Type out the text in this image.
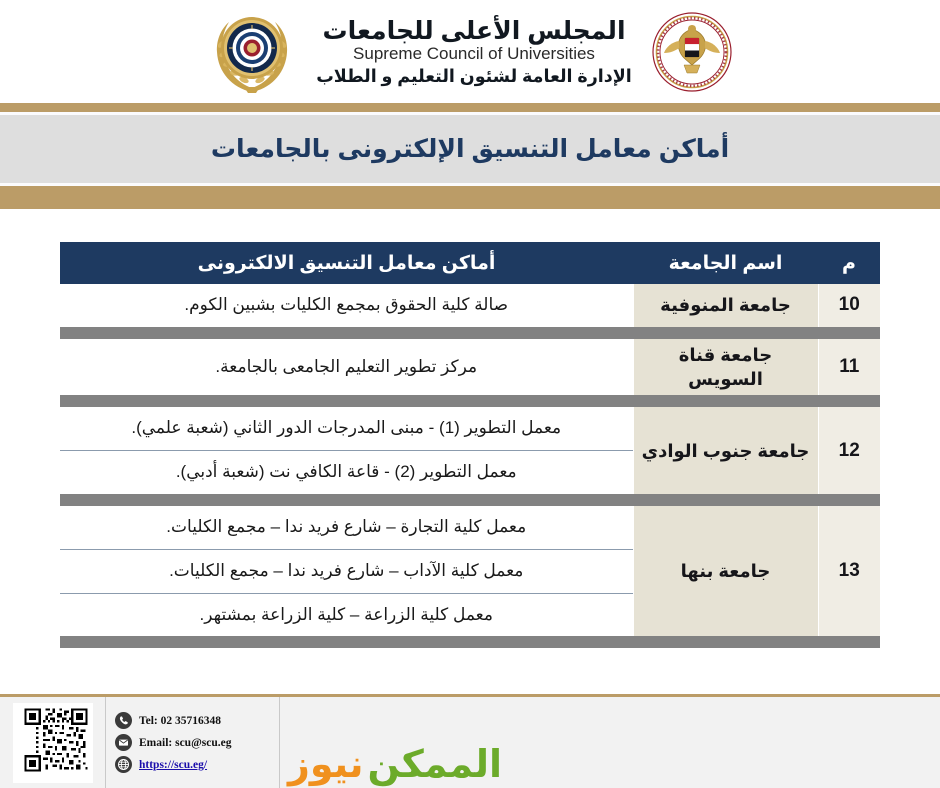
المجلس الأعلى للجامعات
Supreme Council of Universities
الإدارة العامة لشئون التعليم و الطلاب
أماكن معامل التنسيق الإلكترونى بالجامعات
م	اسم الجامعة	أماكن معامل التنسيق الالكترونى
10	جامعة المنوفية	صالة كلية الحقوق بمجمع الكليات بشبين الكوم.

11	جامعة قناة السويس	مركز تطوير التعليم الجامعى بالجامعة.

12	جامعة جنوب الوادي	معمل التطوير (1) - مبنى المدرجات الدور الثاني (شعبة علمي).
معمل التطوير (2) - قاعة الكافي نت (شعبة أدبي).

13	جامعة بنها	معمل كلية التجارة – شارع فريد ندا – مجمع الكليات.
معمل كلية الآداب – شارع فريد ندا – مجمع الكليات.
معمل كلية الزراعة – كلية الزراعة بمشتهر.

الممكن
نيوز
Tel: 02 35716348
Email: scu@scu.eg
https://scu.eg/
